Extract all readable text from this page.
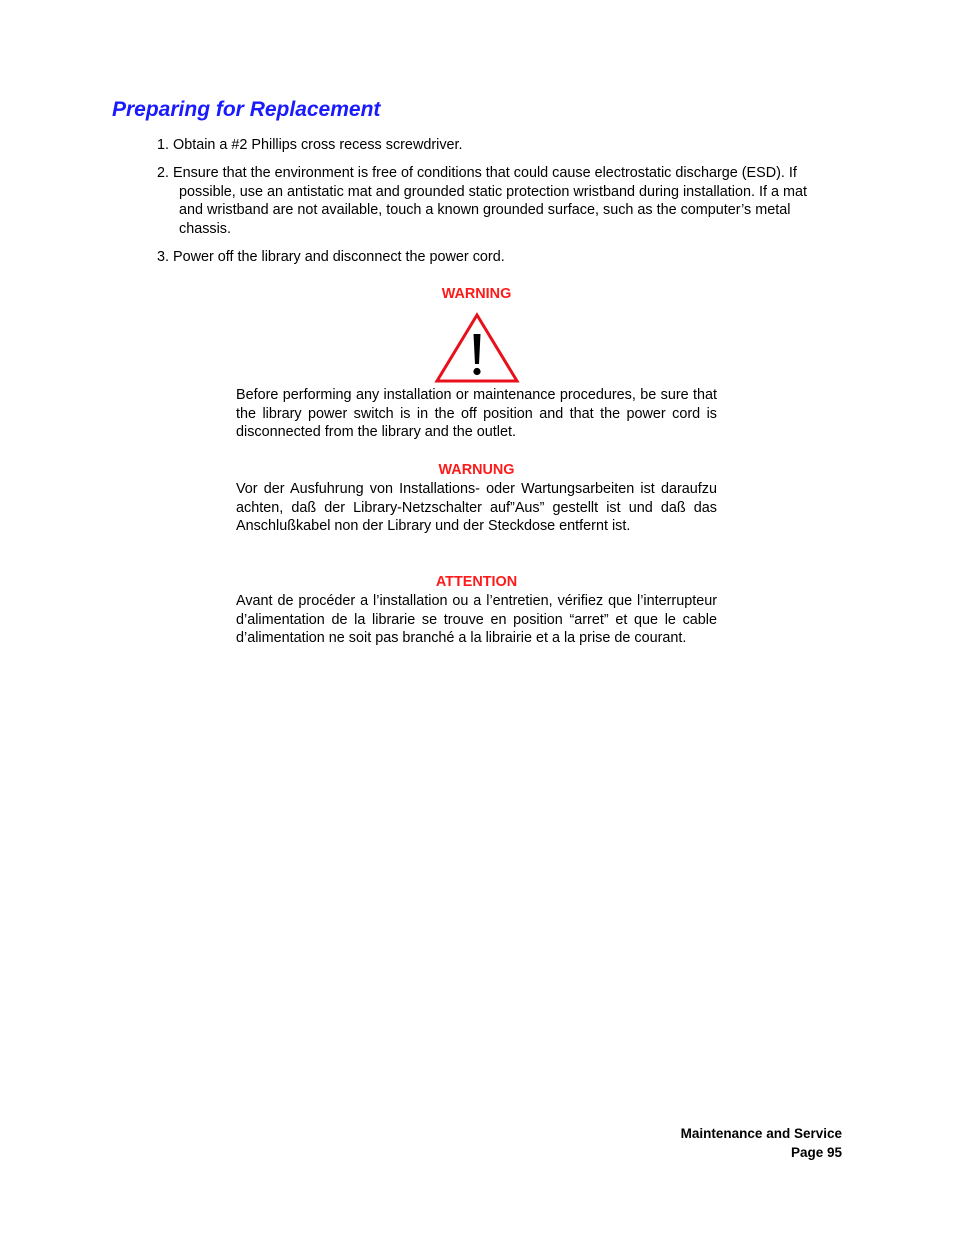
Preparing for Replacement
1. Obtain a #2 Phillips cross recess screwdriver.
2. Ensure that the environment is free of conditions that could cause electrostatic discharge (ESD). If possible, use an antistatic mat and grounded static protection wristband during installation. If a mat and wristband are not available, touch a known grounded surface, such as the computer’s metal chassis.
3. Power off the library and disconnect the power cord.

WARNING

Before performing any installation or maintenance procedures, be sure that the library power switch is in the off position and that the power cord is disconnected from the library and the outlet.

WARNUNG

Vor der Ausfuhrung von Installations- oder Wartungsarbeiten ist daraufzu achten, daß der Library-Netzschalter auf”Aus” gestellt ist und daß das Anschlußkabel non der Library und der Steckdose entfernt ist.

ATTENTION

Avant de procéder a l’installation ou a l’entretien, vérifiez que l’interrupteur d’alimentation de la librarie se trouve en position “arret” et que le cable d’alimentation ne soit pas branché a la librairie et a la prise de courant.

Maintenance and Service
Page 95
